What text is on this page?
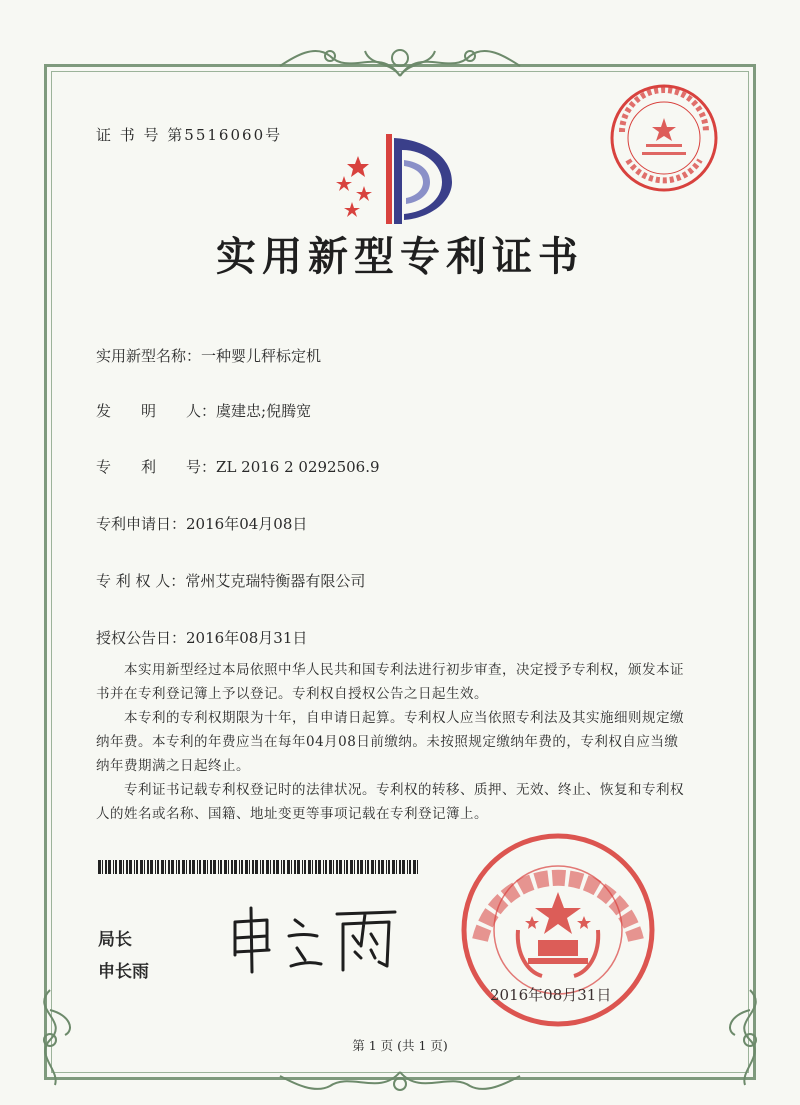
证 书 号 第5516060号
实用新型专利证书
实用新型名称：一种婴儿秤标定机
发　　明　　人：虞建忠;倪腾宽
专　　利　　号：ZL 2016 2 0292506.9
专利申请日：2016年04月08日
专 利 权 人：常州艾克瑞特衡器有限公司
授权公告日：2016年08月31日

本实用新型经过本局依照中华人民共和国专利法进行初步审查，决定授予专利权，颁发本证书并在专利登记簿上予以登记。专利权自授权公告之日起生效。

本专利的专利权期限为十年，自申请日起算。专利权人应当依照专利法及其实施细则规定缴纳年费。本专利的年费应当在每年04月08日前缴纳。未按照规定缴纳年费的，专利权自应当缴纳年费期满之日起终止。

专利证书记载专利权登记时的法律状况。专利权的转移、质押、无效、终止、恢复和专利权人的姓名或名称、国籍、地址变更等事项记载在专利登记簿上。

局长
申长雨
2016年08月31日
第 1 页 (共 1 页)
